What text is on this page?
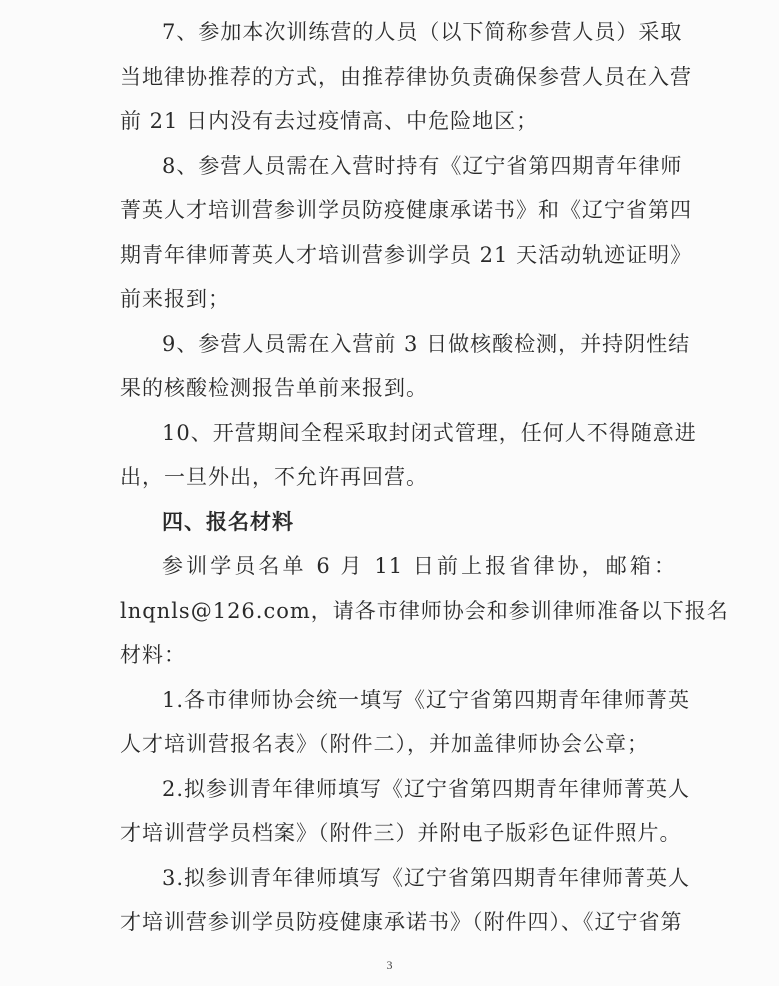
7、参加本次训练营的人员（以下简称参营人员）采取
当地律协推荐的方式，由推荐律协负责确保参营人员在入营
前 21 日内没有去过疫情高、中危险地区；
8、参营人员需在入营时持有《辽宁省第四期青年律师
菁英人才培训营参训学员防疫健康承诺书》和《辽宁省第四
期青年律师菁英人才培训营参训学员 21 天活动轨迹证明》
前来报到；
9、参营人员需在入营前 3 日做核酸检测，并持阴性结
果的核酸检测报告单前来报到。
10、开营期间全程采取封闭式管理，任何人不得随意进
出，一旦外出，不允许再回营。
四、报名材料
参训学员名单 6 月 11 日前上报省律协，邮箱：
lnqnls@126.com，请各市律师协会和参训律师准备以下报名
材料：
1.各市律师协会统一填写《辽宁省第四期青年律师菁英
人才培训营报名表》（附件二），并加盖律师协会公章；
2.拟参训青年律师填写《辽宁省第四期青年律师菁英人
才培训营学员档案》（附件三）并附电子版彩色证件照片。
3.拟参训青年律师填写《辽宁省第四期青年律师菁英人
才培训营参训学员防疫健康承诺书》（附件四）、《辽宁省第
3
